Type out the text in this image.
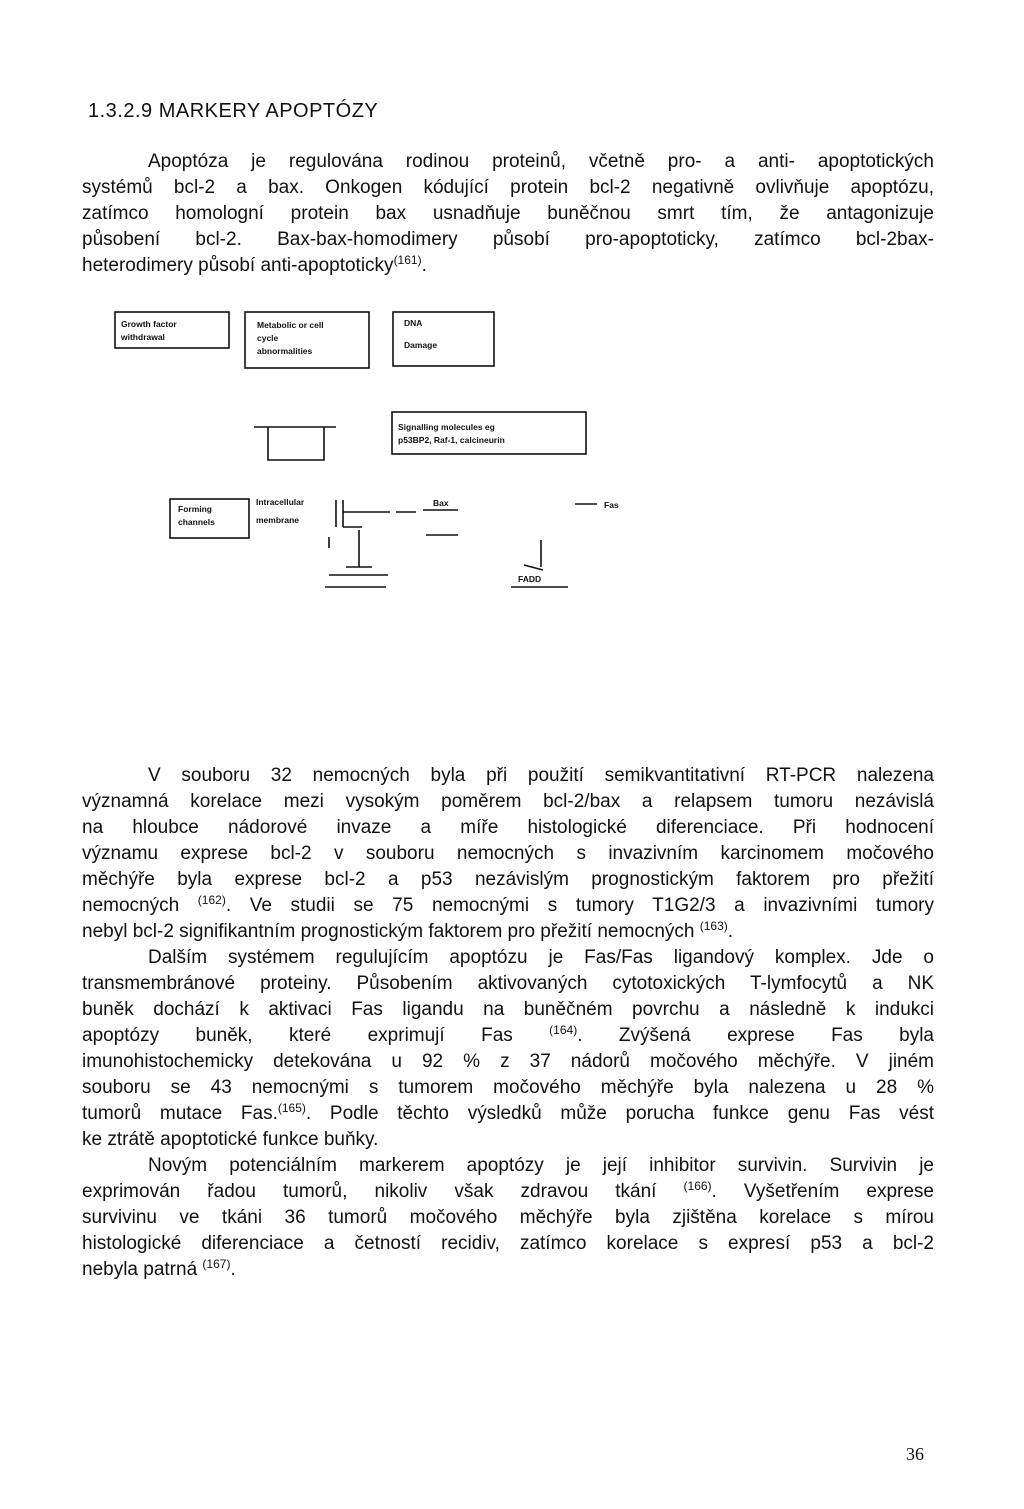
1.3.2.9 MARKERY APOPTÓZY

Apoptóza je regulována rodinou proteinů, včetně pro- a anti- apoptotických
systémů bcl-2 a bax. Onkogen kódující protein bcl-2 negativně ovlivňuje apoptózu,
zatímco homologní protein bax usnadňuje buněčnou smrt tím, že antagonizuje
působení bcl-2. Bax-bax-homodimery působí pro-apoptoticky, zatímco bcl-2bax-
heterodimery působí anti-apoptoticky$^{(161)}$.

Growth factor
withdrawal
Metabolic or cell
cycle
abnormalities
DNA
Damage
Signalling molecules eg
p53BP2, Raf-1, calcineurin
Forming
channels
Intracellular
membrane
Bax	Fas
FADD

V souboru 32 nemocných byla při použití semikvantitativní RT-PCR nalezena
významná korelace mezi vysokým poměrem bcl-2/bax a relapsem tumoru nezávislá
na hloubce nádorové invaze a míře histologické diferenciace. Při hodnocení
významu exprese bcl-2 v souboru nemocných s invazivním karcinomem močového
měchýře byla exprese bcl-2 a p53 nezávislým prognostickým faktorem pro přežití
nemocných $^{(162)}$. Ve studii se 75 nemocnými s tumory T1G2/3 a invazivními tumory
nebyl bcl-2 signifikantním prognostickým faktorem pro přežití nemocných $^{(163)}$.
Dalším systémem regulujícím apoptózu je Fas/Fas ligandový komplex. Jde o
transmembránové proteiny. Působením aktivovaných cytotoxických T-lymfocytů a NK
buněk dochází k aktivaci Fas ligandu na buněčném povrchu a následně k indukci
apoptózy buněk, které exprimují Fas $^{(164)}$. Zvýšená exprese Fas byla
imunohistochemicky detekována u 92 % z 37 nádorů močového měchýře. V jiném
souboru se 43 nemocnými s tumorem močového měchýře byla nalezena u 28 %
tumorů mutace Fas.$^{(165)}$. Podle těchto výsledků může porucha funkce genu Fas vést
ke ztrátě apoptotické funkce buňky.
Novým potenciálním markerem apoptózy je její inhibitor survivin. Survivin je
exprimován řadou tumorů, nikoliv však zdravou tkání $^{(166)}$. Vyšetřením exprese
survivinu ve tkáni 36 tumorů močového měchýře byla zjištěna korelace s mírou
histologické diferenciace a četností recidiv, zatímco korelace s expresí p53 a bcl-2
nebyla patrná $^{(167)}$.

36
